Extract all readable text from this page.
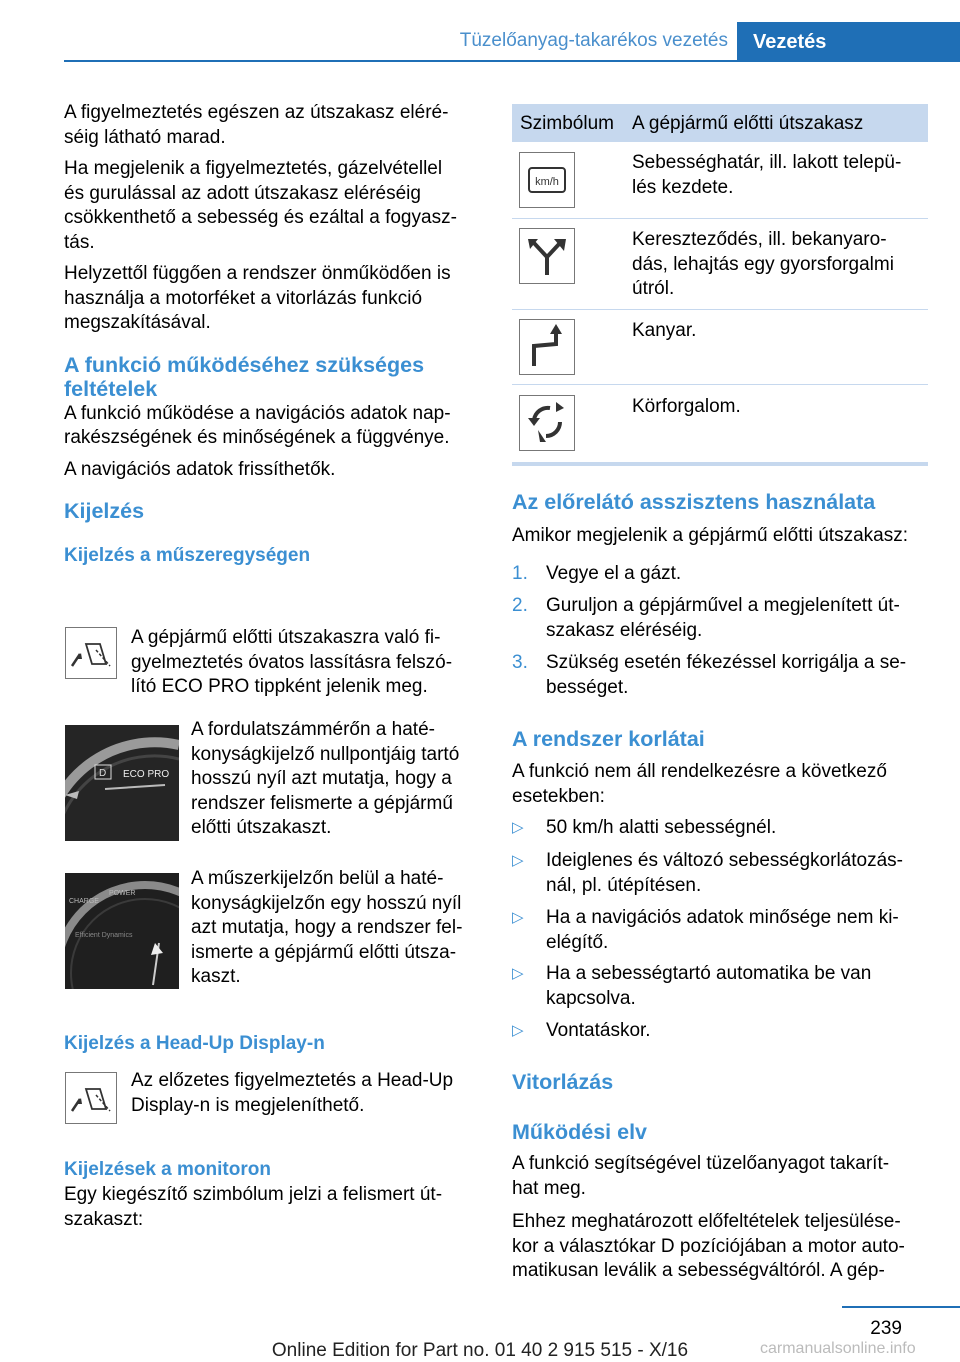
Tüzelőanyag-takarékos vezetés	Vezetés

A figyelmeztetés egészen az útszakasz eléré-
séig látható marad.

Ha megjelenik a figyelmeztetés, gázelvétellel
és gurulással az adott útszakasz eléréséig
csökkenthető a sebesség és ezáltal a fogyasz-
tás.

Helyzettől függően a rendszer önműködően is
használja a motorféket a vitorlázás funkció
megszakításával.

A funkció működéséhez szükséges
feltételek

A funkció működése a navigációs adatok nap-
rakészségének és minőségének a függvénye.

A navigációs adatok frissíthetők.

Kijelzés
Kijelzés a műszeregységen
A gépjármű előtti útszakaszra való fi-
gyelmeztetés óvatos lassításra felszó-
lító ECO PRO tippként jelenik meg.
D ECO PRO
A fordulatszámmérőn a haté-
konyságkijelző nullpontjáig tartó
hosszú nyíl azt mutatja, hogy a
rendszer felismerte a gépjármű
előtti útszakaszt.
CHARGE
POWER
Efficient Dynamics
A műszerkijelzőn belül a haté-
konyságkijelzőn egy hosszú nyíl
azt mutatja, hogy a rendszer fel-
ismerte a gépjármű előtti útsza-
kaszt.
Kijelzés a Head-Up Display-n
Az előzetes figyelmeztetés a Head-Up
Display-n is megjeleníthető.
Kijelzések a monitoron
Egy kiegészítő szimbólum jelzi a felismert út-
szakaszt:
Szimbólum A gépjármű előtti útszakasz
km/h
Sebességhatár, ill. lakott telepü-
lés kezdete.
Kereszteződés, ill. bekanyaro-
dás, lehajtás egy gyorsforgalmi
útról.
Kanyar.
Körforgalom.
Az előrelátó asszisztens használata
Amikor megjelenik a gépjármű előtti útszakasz:
1. Vegye el a gázt.
2. Guruljon a gépjárművel a megjelenített út-
szakasz eléréséig.
3. Szükség esetén fékezéssel korrigálja a se-
bességet.
A rendszer korlátai
A funkció nem áll rendelkezésre a következő
esetekben:
▷ 50 km/h alatti sebességnél.
▷ Ideiglenes és változó sebességkorlátozás-
nál, pl. útépítésen.
▷ Ha a navigációs adatok minősége nem ki-
elégítő.
▷ Ha a sebességtartó automatika be van
kapcsolva.
▷ Vontatáskor.
Vitorlázás
Működési elv
A funkció segítségével tüzelőanyagot takarít-
hat meg.
Ehhez meghatározott előfeltételek teljesülése-
kor a választókar D pozíciójában a motor auto-
matikusan leválik a sebességváltóról. A gép-
239
Online Edition for Part no. 01 40 2 915 515 - X/16	carmanualsonline.info
